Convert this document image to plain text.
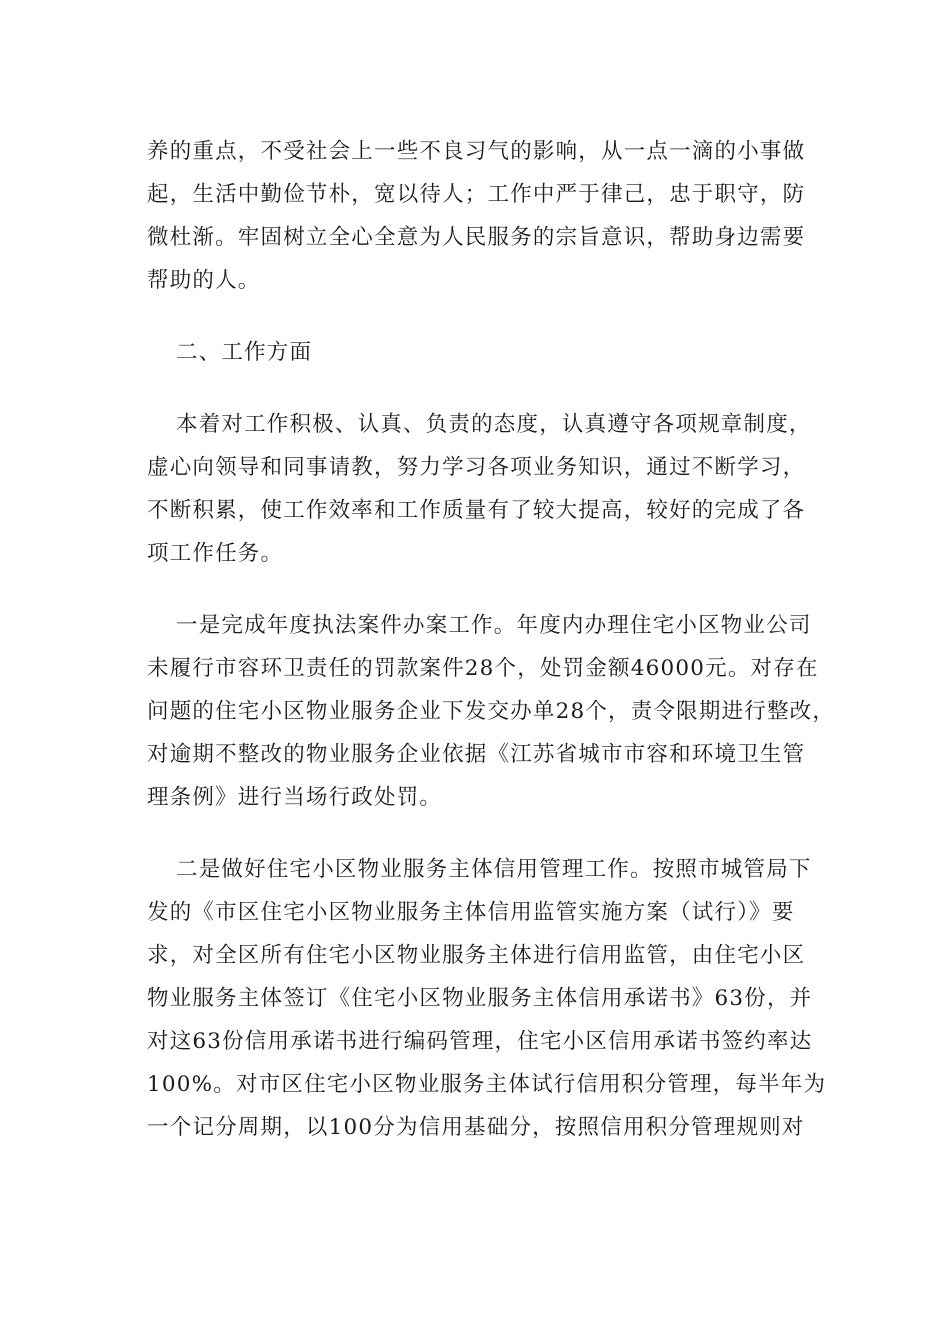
养的重点，不受社会上一些不良习气的影响，从一点一滴的小事做
起，生活中勤俭节朴，宽以待人；工作中严于律己，忠于职守，防
微杜渐。牢固树立全心全意为人民服务的宗旨意识，帮助身边需要
帮助的人。
二、工作方面
本着对工作积极、认真、负责的态度，认真遵守各项规章制度，
虚心向领导和同事请教，努力学习各项业务知识，通过不断学习，
不断积累，使工作效率和工作质量有了较大提高，较好的完成了各
项工作任务。
一是完成年度执法案件办案工作。年度内办理住宅小区物业公司
未履行市容环卫责任的罚款案件28个，处罚金额46000元。对存在
问题的住宅小区物业服务企业下发交办单28个，责令限期进行整改，
对逾期不整改的物业服务企业依据《江苏省城市市容和环境卫生管
理条例》进行当场行政处罚。
二是做好住宅小区物业服务主体信用管理工作。按照市城管局下
发的《市区住宅小区物业服务主体信用监管实施方案（试行）》要
求，对全区所有住宅小区物业服务主体进行信用监管，由住宅小区
物业服务主体签订《住宅小区物业服务主体信用承诺书》63份，并
对这63份信用承诺书进行编码管理，住宅小区信用承诺书签约率达
100%。对市区住宅小区物业服务主体试行信用积分管理，每半年为
一个记分周期，以100分为信用基础分，按照信用积分管理规则对
